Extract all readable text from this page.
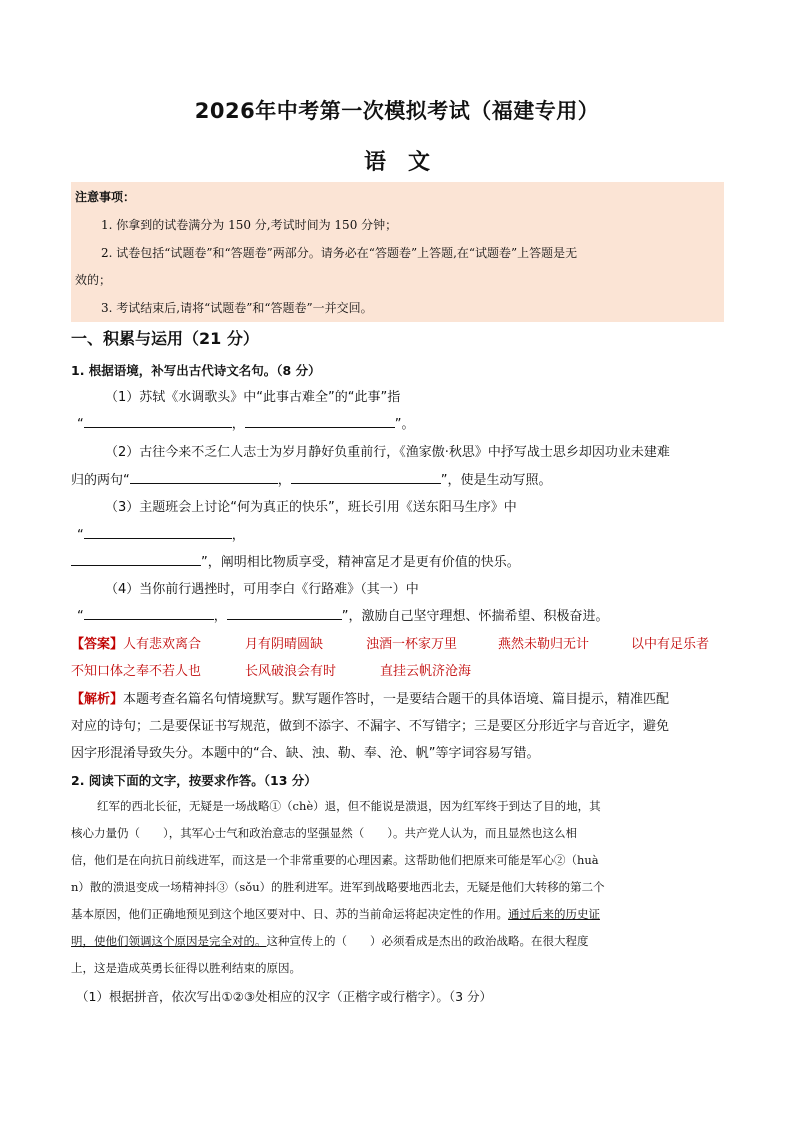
2026年中考第一次模拟考试（福建专用）
语文
注意事项：
1. 你拿到的试卷满分为 150 分,考试时间为 150 分钟；
2. 试卷包括“试题卷”和“答题卷”两部分。请务必在“答题卷”上答题,在“试题卷”上答题是无
效的；
3. 考试结束后,请将“试题卷”和“答题卷”一并交回。
一、积累与运用（21 分）
1. 根据语境，补写出古代诗文名句。（8 分）
（1）苏轼《水调歌头》中“此事古难全”的“此事”指
“	，	”。
（2）古往今来不乏仁人志士为岁月静好负重前行，《渔家傲·秋思》中抒写战士思乡却因功业未建难
归的两句“	，	”，使是生动写照。
（3）主题班会上讨论“何为真正的快乐”，班长引用《送东阳马生序》中
“	，
”，阐明相比物质享受，精神富足才是更有价值的快乐。
（4）当你前行遇挫时，可用李白《行路难》（其一）中
“	，	”，激励自己坚守理想、怀揣希望、积极奋进。
【答案】人有悲欢离合	月有阴晴圆缺	浊酒一杯家万里	燕然未勒归无计	以中有足乐者
不知口体之奉不若人也	长风破浪会有时	直挂云帆济沧海
【解析】本题考查名篇名句情境默写。默写题作答时，一是要结合题干的具体语境、篇目提示，精准匹配
对应的诗句；二是要保证书写规范，做到不添字、不漏字、不写错字；三是要区分形近字与音近字，避免
因字形混淆导致失分。本题中的“合、缺、浊、勒、奉、沧、帆”等字词容易写错。
2. 阅读下面的文字，按要求作答。（13 分）
红军的西北长征，无疑是一场战略①（chè）退，但不能说是溃退，因为红军终于到达了目的地，其
核心力量仍（　　），其军心士气和政治意志的坚强显然（　　）。共产党人认为，而且显然也这么相
信，他们是在向抗日前线进军，而这是一个非常重要的心理因素。这帮助他们把原来可能是军心②（huà
n）散的溃退变成一场精神抖③（sǒu）的胜利进军。进军到战略要地西北去，无疑是他们大转移的第二个
基本原因，他们正确地预见到这个地区要对中、日、苏的当前命运将起决定性的作用。通过后来的历史证
明，使他们领调这个原因是完全对的。这种宣传上的（　　）必须看成是杰出的政治战略。在很大程度
上，这是造成英勇长征得以胜利结束的原因。
（1）根据拼音，依次写出①②③处相应的汉字（正楷字或行楷字）。（3 分）
